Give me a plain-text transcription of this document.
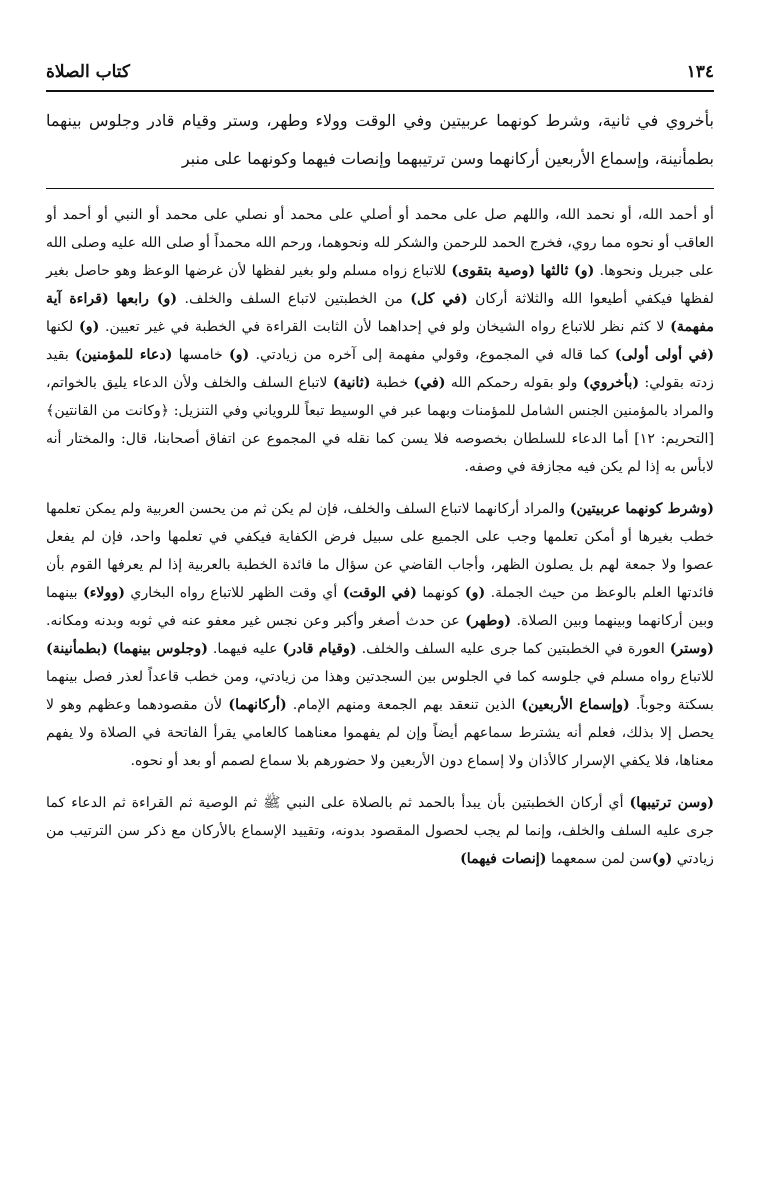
١٣٤
كتاب الصلاة

بأخروي في ثانية، وشرط كونهما عربيتين وفي الوقت وولاء وطهر، وستر وقيام قادر وجلوس بينهما بطمأنينة، وإسماع الأربعين أركانهما وسن ترتيبهما وإنصات فيهما وكونهما على منبر

أو أحمد الله، أو نحمد الله، واللهم صل على محمد أو أصلي على محمد أو نصلي على محمد أو النبي أو أحمد أو العاقب أو نحوه مما روي، فخرج الحمد للرحمن والشكر لله ونحوهما، ورحم الله محمداً أو صلى الله عليه وصلى الله على جبريل ونحوها. (و) ثالثها (وصية بتقوى) للاتباع زواه مسلم ولو بغير لفظها لأن غرضها الوعظ وهو حاصل بغير لفظها فيكفي أطيعوا الله والثلاثة أركان (في كل) من الخطبتين لاتباع السلف والخلف. (و) رابعها (قراءة آية مفهمة) لا كثم نظر للاتباع رواه الشيخان ولو في إحداهما لأن الثابت القراءة في الخطبة في غير تعيين. (و) لكنها (في أولى أولى) كما قاله في المجموع، وقولي مفهمة إلى آخره من زيادتي. (و) خامسها (دعاء للمؤمنين) بقيد زدته بقولي: (بأخروي) ولو بقوله رحمكم الله (في) خطبة (ثانية) لاتباع السلف والخلف ولأن الدعاء يليق بالخواتم، والمراد بالمؤمنين الجنس الشامل للمؤمنات وبهما عبر في الوسيط تبعاً للروياني وفي التنزيل: ﴿وكانت من القانتين﴾ [التحريم: ١٢] أما الدعاء للسلطان بخصوصه فلا يسن كما نقله في المجموع عن اتفاق أصحابنا، قال: والمختار أنه لابأس به إذا لم يكن فيه مجازفة في وصفه.

(وشرط كونهما عربيتين) والمراد أركانهما لاتباع السلف والخلف، فإن لم يكن ثم من يحسن العربية ولم يمكن تعلمها خطب بغيرها أو أمكن تعلمها وجب على الجميع على سبيل فرض الكفاية فيكفي في تعلمها واحد، فإن لم يفعل عصوا ولا جمعة لهم بل يصلون الظهر، وأجاب القاضي عن سؤال ما فائدة الخطبة بالعربية إذا لم يعرفها القوم بأن فائدتها العلم بالوعظ من حيث الجملة. (و) كونهما (في الوقت) أي وقت الظهر للاتباع رواه البخاري (وولاء) بينهما وبين أركانهما وبينهما وبين الصلاة. (وطهر) عن حدث أصغر وأكبر وعن نجس غير معفو عنه في ثوبه وبدنه ومكانه. (وستر) العورة في الخطبتين كما جرى عليه السلف والخلف. (وقيام قادر) عليه فيهما. (وجلوس بينهما) (بطمأنينة) للاتباع رواه مسلم في جلوسه كما في الجلوس بين السجدتين وهذا من زيادتي، ومن خطب قاعداً لعذر فصل بينهما بسكتة وجوباً. (وإسماع الأربعين) الذين تنعقد بهم الجمعة ومنهم الإمام. (أركانهما) لأن مقصودهما وعظهم وهو لا يحصل إلا بذلك، فعلم أنه يشترط سماعهم أيضاً وإن لم يفهموا معناهما كالعامي يقرأ الفاتحة في الصلاة ولا يفهم معناها، فلا يكفي الإسرار كالأذان ولا إسماع دون الأربعين ولا حضورهم بلا سماع لصمم أو بعد أو نحوه.

(وسن ترتيبها) أي أركان الخطبتين بأن يبدأ بالحمد ثم بالصلاة على النبي ﷺ ثم الوصية ثم القراءة ثم الدعاء كما جرى عليه السلف والخلف، وإنما لم يجب لحصول المقصود بدونه، وتقييد الإسماع بالأركان مع ذكر سن الترتيب من زيادتي (و)سن لمن سمعهما (إنصات فيهما)
